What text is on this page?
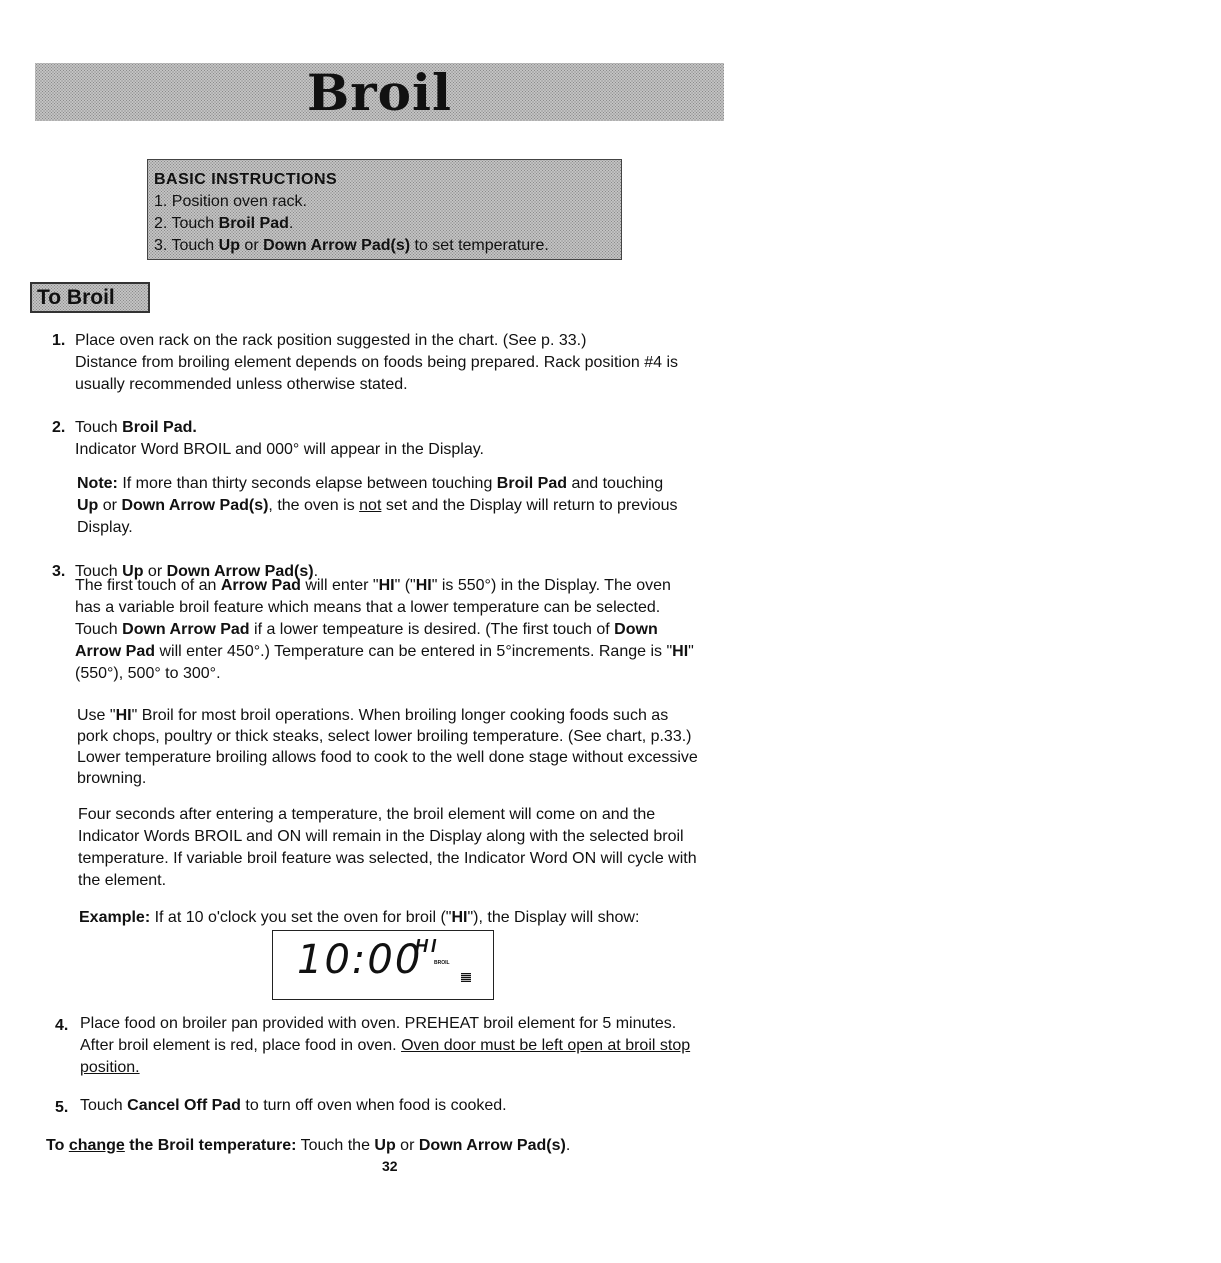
Broil
BASIC INSTRUCTIONS
1. Position oven rack.
2. Touch Broil Pad.
3. Touch Up or Down Arrow Pad(s) to set temperature.
To Broil
1. Place oven rack on the rack position suggested in the chart. (See p. 33.)
Distance from broiling element depends on foods being prepared. Rack position #4 is
usually recommended unless otherwise stated.
2. Touch Broil Pad.
Indicator Word BROIL and 000° will appear in the Display.
Note: If more than thirty seconds elapse between touching Broil Pad and touching
Up or Down Arrow Pad(s), the oven is not set and the Display will return to previous
Display.
3. Touch Up or Down Arrow Pad(s).
The first touch of an Arrow Pad will enter "HI" ("HI" is 550°) in the Display. The oven
has a variable broil feature which means that a lower temperature can be selected.
Touch Down Arrow Pad if a lower tempeature is desired. (The first touch of Down
Arrow Pad will enter 450°.) Temperature can be entered in 5°increments. Range is "HI"
(550°), 500° to 300°.
Use "HI" Broil for most broil operations. When broiling longer cooking foods such as
pork chops, poultry or thick steaks, select lower broiling temperature. (See chart, p.33.)
Lower temperature broiling allows food to cook to the well done stage without excessive
browning.
Four seconds after entering a temperature, the broil element will come on and the
Indicator Words BROIL and ON will remain in the Display along with the selected broil
temperature. If variable broil feature was selected, the Indicator Word ON will cycle with
the element.
Example: If at 10 o'clock you set the oven for broil ("HI"), the Display will show:
10:00
HI
BROIL
4. Place food on broiler pan provided with oven. PREHEAT broil element for 5 minutes.
After broil element is red, place food in oven. Oven door must be left open at broil stop
position.
5. Touch Cancel Off Pad to turn off oven when food is cooked.
To change the Broil temperature: Touch the Up or Down Arrow Pad(s).
32
